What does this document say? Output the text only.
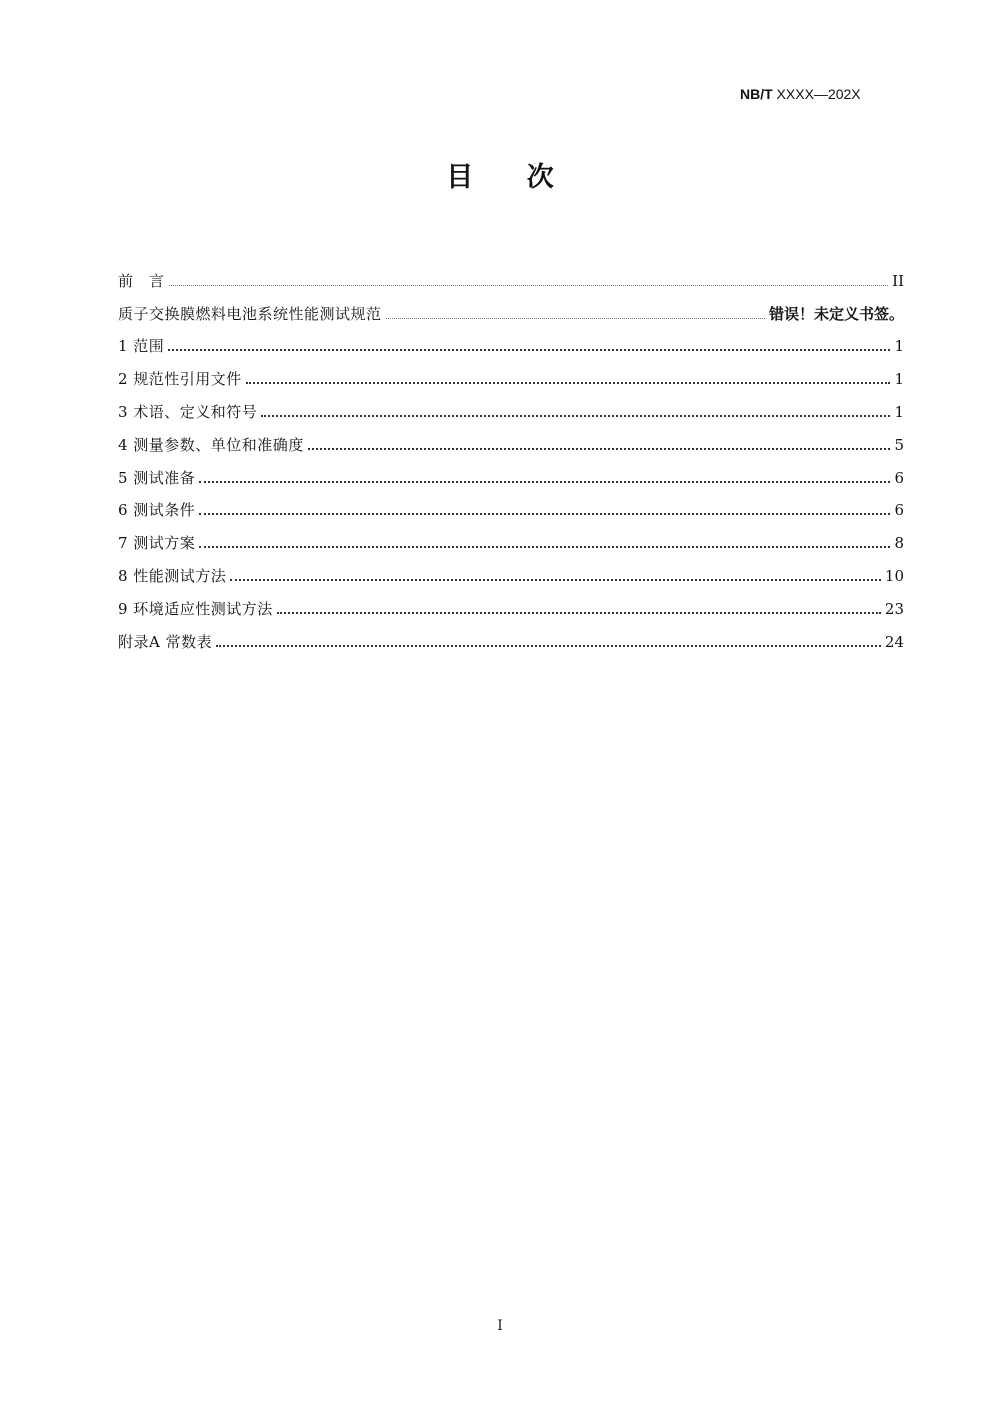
NB/T XXXX—202X
目 次
前　言	II
质子交换膜燃料电池系统性能测试规范	错误！未定义书签。
1 范围	1
2 规范性引用文件	1
3 术语、定义和符号	1
4 测量参数、单位和准确度	5
5 测试准备	6
6 测试条件	6
7 测试方案	8
8 性能测试方法	10
9 环境适应性测试方法	23
附录A 常数表	24
I
